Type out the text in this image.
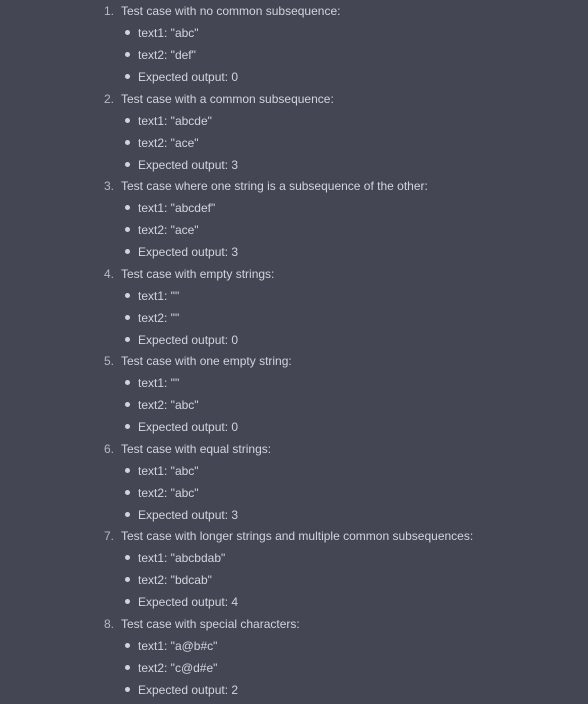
1. Test case with no common subsequence:
text1: "abc"
text2: "def"
Expected output: 0
2. Test case with a common subsequence:
text1: "abcde"
text2: "ace"
Expected output: 3
3. Test case where one string is a subsequence of the other:
text1: "abcdef"
text2: "ace"
Expected output: 3
4. Test case with empty strings:
text1: ""
text2: ""
Expected output: 0
5. Test case with one empty string:
text1: ""
text2: "abc"
Expected output: 0
6. Test case with equal strings:
text1: "abc"
text2: "abc"
Expected output: 3
7. Test case with longer strings and multiple common subsequences:
text1: "abcbdab"
text2: "bdcab"
Expected output: 4
8. Test case with special characters:
text1: "a@b#c"
text2: "c@d#e"
Expected output: 2
